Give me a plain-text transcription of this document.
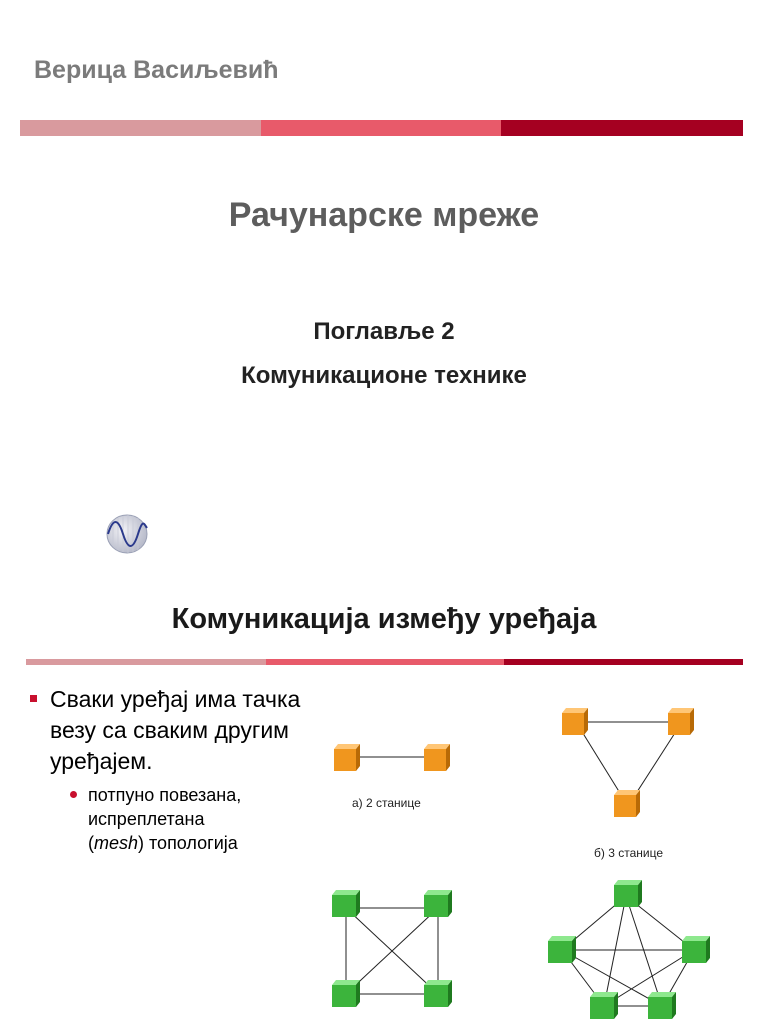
Верица Васиљевић
Рачунарске мреже
Поглавље 2
Комуникационе технике
Комуникација између уређаја
Сваки уређај има тачка везу са сваким другим уређајем.
потпуно повезана,
испреплетана
(mesh) топологија
а) 2 станице
б) 3 станице
